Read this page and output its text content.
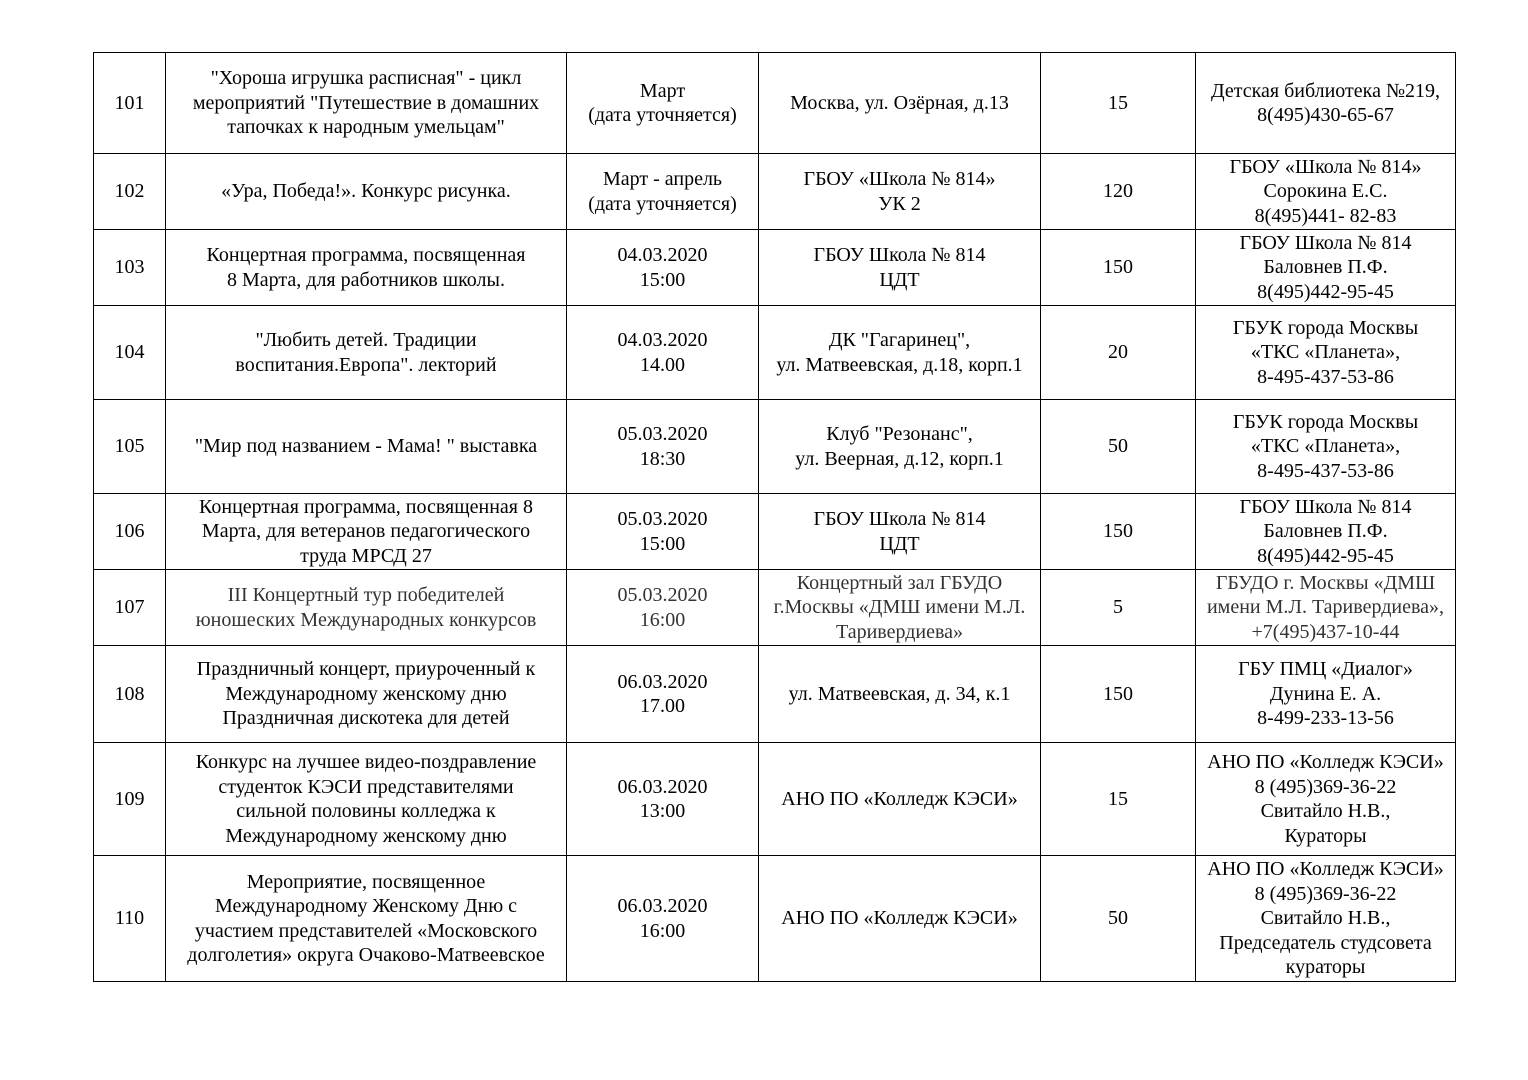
101	"Хороша игрушка расписная" - цикл
мероприятий "Путешествие в домашних
тапочках к народным умельцам"	Март
(дата уточняется)	Москва, ул. Озёрная, д.13	15	Детская библиотека №219,
8(495)430-65-67

102	«Ура, Победа!». Конкурс рисунка.	Март - апрель
(дата уточняется)	ГБОУ «Школа № 814»
УК 2	120	ГБОУ «Школа № 814»
Сорокина Е.С.
8(495)441- 82-83

103	Концертная программа, посвященная
8 Марта, для работников школы.	04.03.2020
15:00	ГБОУ Школа № 814
ЦДТ	150	ГБОУ Школа № 814
Баловнев П.Ф.
8(495)442-95-45

104	"Любить детей. Традиции
воспитания.Европа". лекторий	04.03.2020
14.00	ДК "Гагаринец",
ул. Матвеевская, д.18, корп.1	20	ГБУК города Москвы
«ТКС «Планета»,
8-495-437-53-86

105	"Мир под названием - Мама! " выставка	05.03.2020
18:30	Клуб "Резонанс",
ул. Веерная, д.12, корп.1	50	ГБУК города Москвы
«ТКС «Планета»,
8-495-437-53-86

106	Концертная программа, посвященная 8
Марта, для ветеранов педагогического
труда МРСД 27	05.03.2020
15:00	ГБОУ Школа № 814
ЦДТ	150	ГБОУ Школа № 814
Баловнев П.Ф.
8(495)442-95-45

107	III Концертный тур победителей
юношеских Международных конкурсов	05.03.2020
16:00	Концертный зал ГБУДО
г.Москвы «ДМШ имени М.Л.
Таривердиева»	5	ГБУДО г. Москвы «ДМШ
имени М.Л. Таривердиева»,
+7(495)437-10-44

108	Праздничный концерт, приуроченный к
Международному женскому дню
Праздничная дискотека для детей	06.03.2020
17.00	ул. Матвеевская, д. 34, к.1	150	ГБУ ПМЦ «Диалог»
Дунина Е. А.
8-499-233-13-56

109	Конкурс на лучшее видео-поздравление
студенток КЭСИ представителями
сильной половины колледжа к
Международному женскому дню	06.03.2020
13:00	АНО ПО «Колледж КЭСИ»	15	АНО ПО «Колледж КЭСИ»
8 (495)369-36-22
Свитайло Н.В.,
Кураторы

110	Мероприятие, посвященное
Международному Женскому Дню с
участием представителей «Московского
долголетия» округа Очаково-Матвеевское	06.03.2020
16:00	АНО ПО «Колледж КЭСИ»	50	АНО ПО «Колледж КЭСИ»
8 (495)369-36-22
Свитайло Н.В.,
Председатель студсовета
кураторы
